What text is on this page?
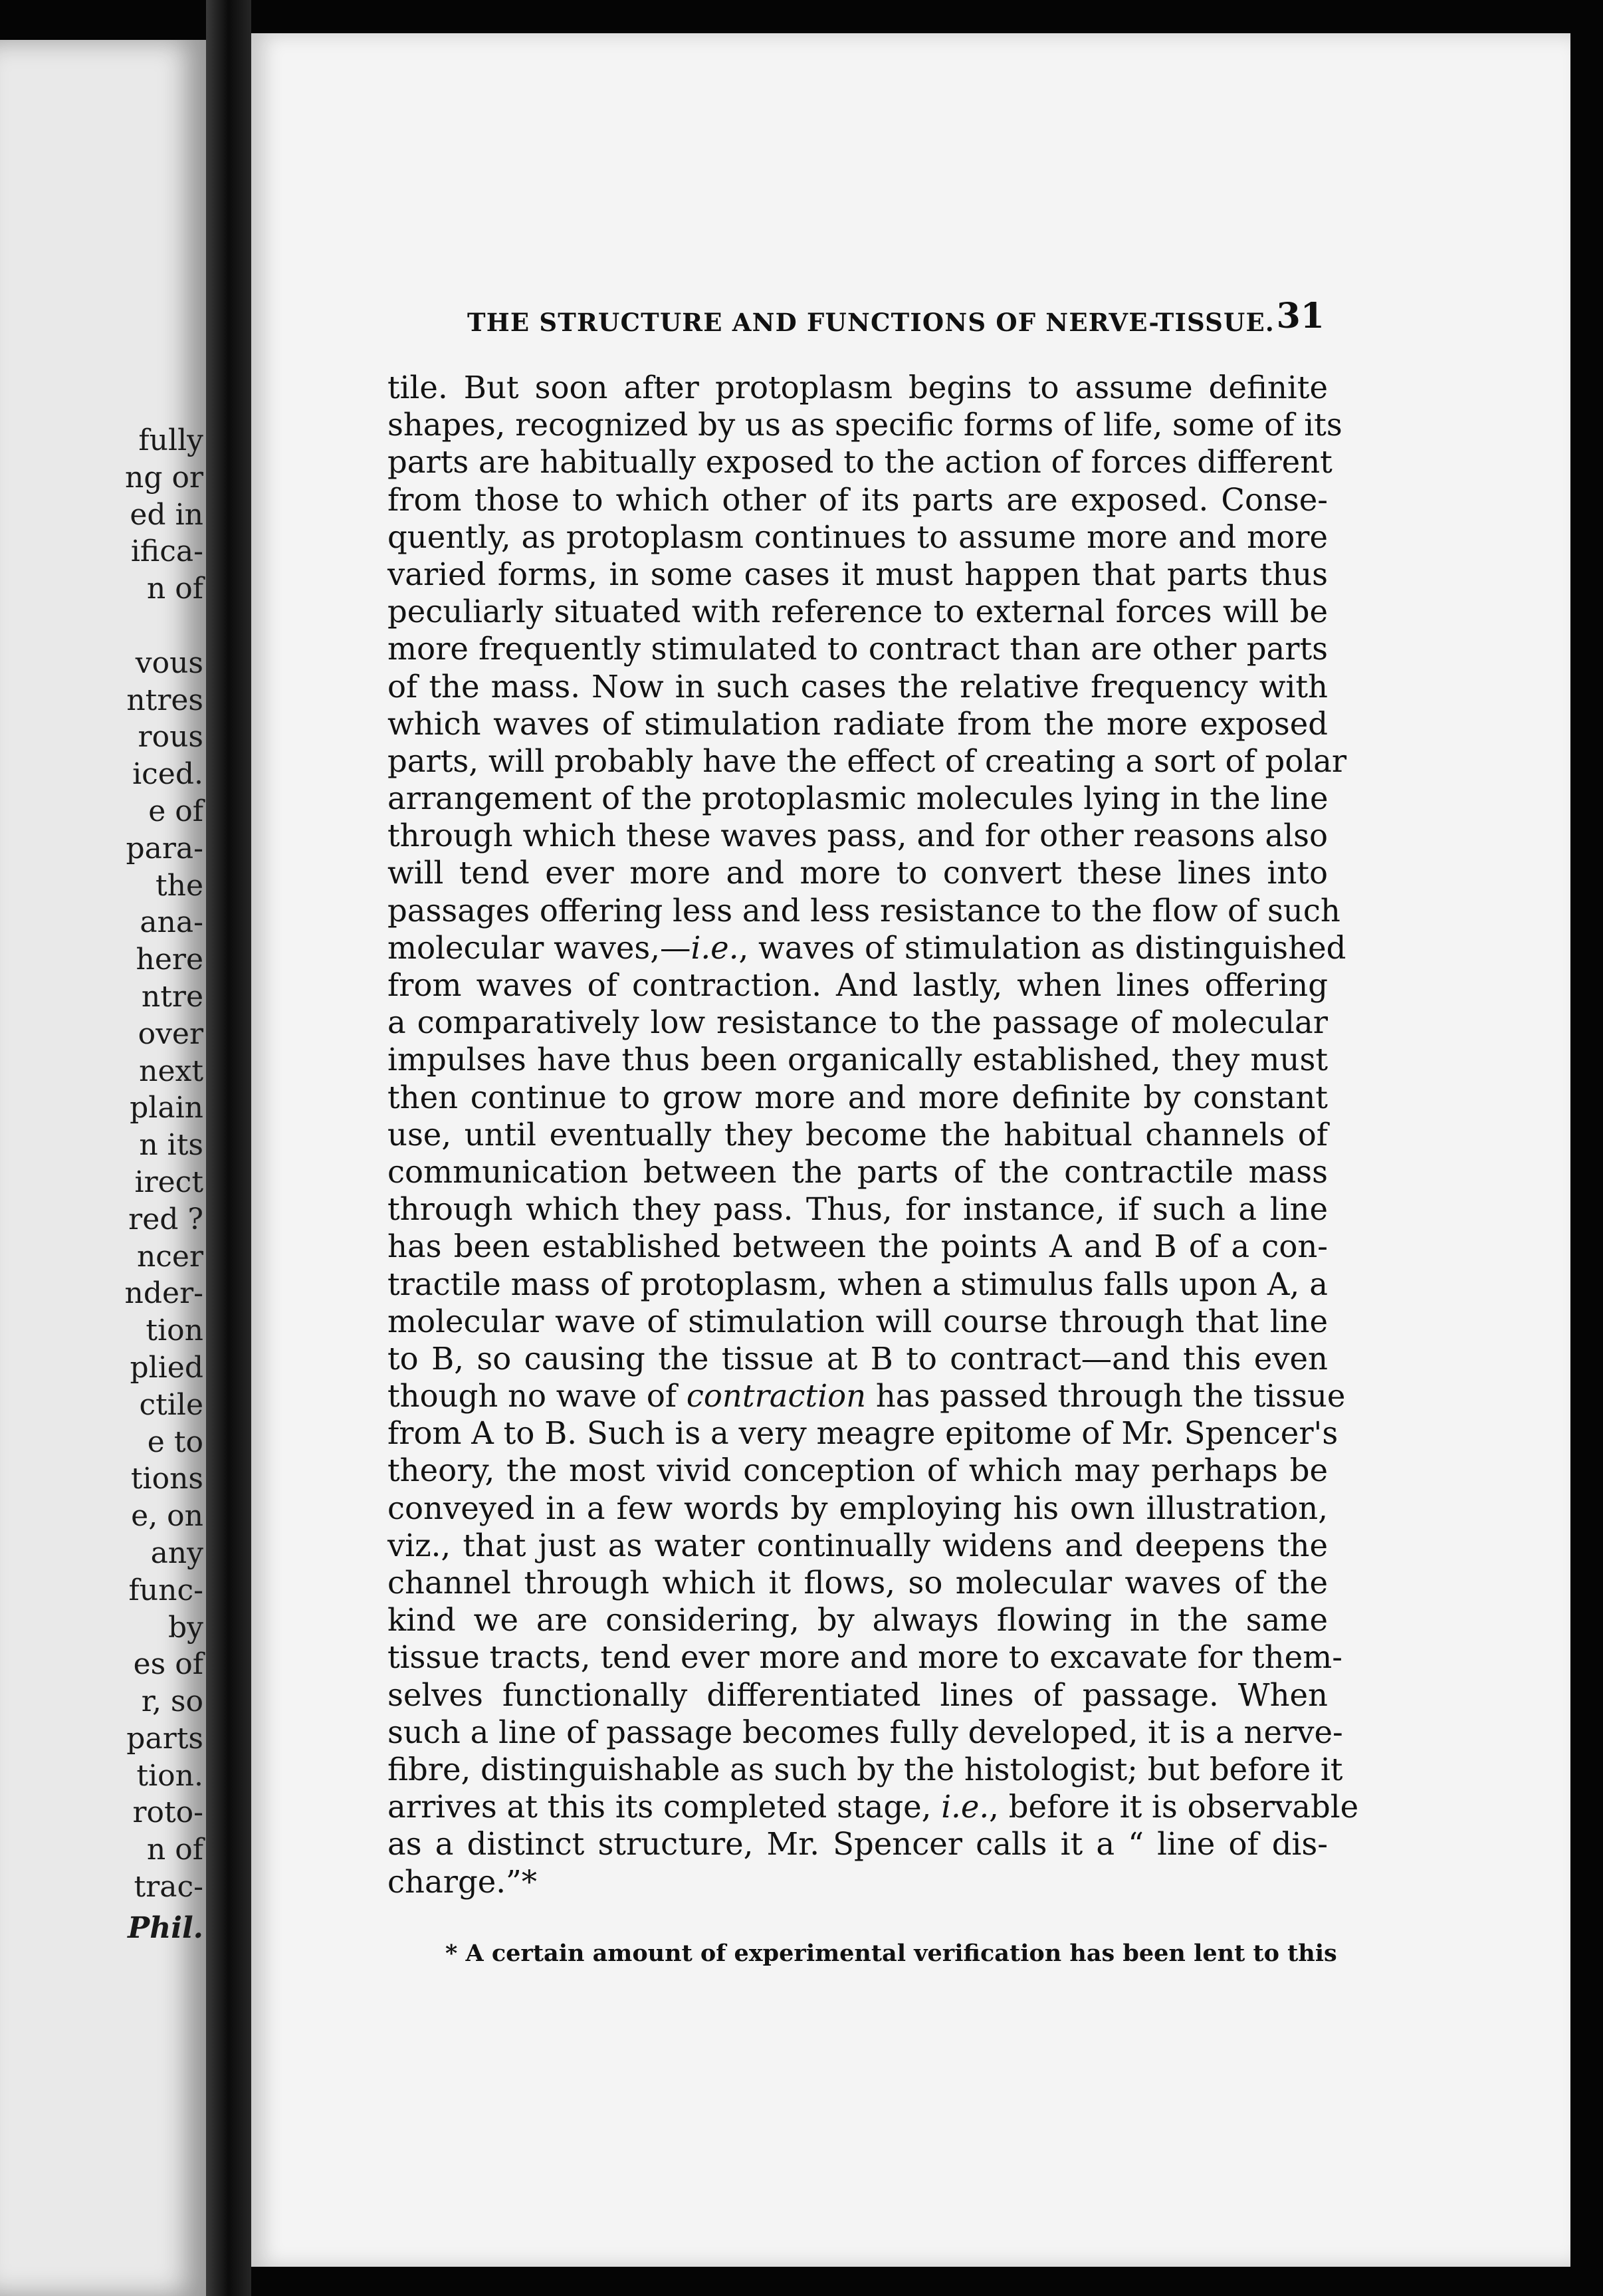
fully
ng or
ed in
ifica-
n of

vous
ntres
rous
iced.
e of
para-
the
ana-
here
ntre
over
next
plain
n its
irect
red ?
ncer
nder-
tion
plied
ctile
e to
tions
e, on
any
func-
by
es of
r, so
parts
tion.
roto-
n of
trac-
Phil.
THE STRUCTURE AND FUNCTIONS OF NERVE-TISSUE. 31
tile. But soon after protoplasm begins to assume definite
shapes, recognized by us as specific forms of life, some of its
parts are habitually exposed to the action of forces different
from those to which other of its parts are exposed. Conse-
quently, as protoplasm continues to assume more and more
varied forms, in some cases it must happen that parts thus
peculiarly situated with reference to external forces will be
more frequently stimulated to contract than are other parts
of the mass. Now in such cases the relative frequency with
which waves of stimulation radiate from the more exposed
parts, will probably have the effect of creating a sort of polar
arrangement of the protoplasmic molecules lying in the line
through which these waves pass, and for other reasons also
will tend ever more and more to convert these lines into
passages offering less and less resistance to the flow of such
molecular waves,—i.e., waves of stimulation as distinguished
from waves of contraction. And lastly, when lines offering
a comparatively low resistance to the passage of molecular
impulses have thus been organically established, they must
then continue to grow more and more definite by constant
use, until eventually they become the habitual channels of
communication between the parts of the contractile mass
through which they pass. Thus, for instance, if such a line
has been established between the points A and B of a con-
tractile mass of protoplasm, when a stimulus falls upon A, a
molecular wave of stimulation will course through that line
to B, so causing the tissue at B to contract—and this even
though no wave of contraction has passed through the tissue
from A to B. Such is a very meagre epitome of Mr. Spencer's
theory, the most vivid conception of which may perhaps be
conveyed in a few words by employing his own illustration,
viz., that just as water continually widens and deepens the
channel through which it flows, so molecular waves of the
kind we are considering, by always flowing in the same
tissue tracts, tend ever more and more to excavate for them-
selves functionally differentiated lines of passage. When
such a line of passage becomes fully developed, it is a nerve-
fibre, distinguishable as such by the histologist; but before it
arrives at this its completed stage, i.e., before it is observable
as a distinct structure, Mr. Spencer calls it a “ line of dis-
charge.”*
* A certain amount of experimental verification has been lent to this
